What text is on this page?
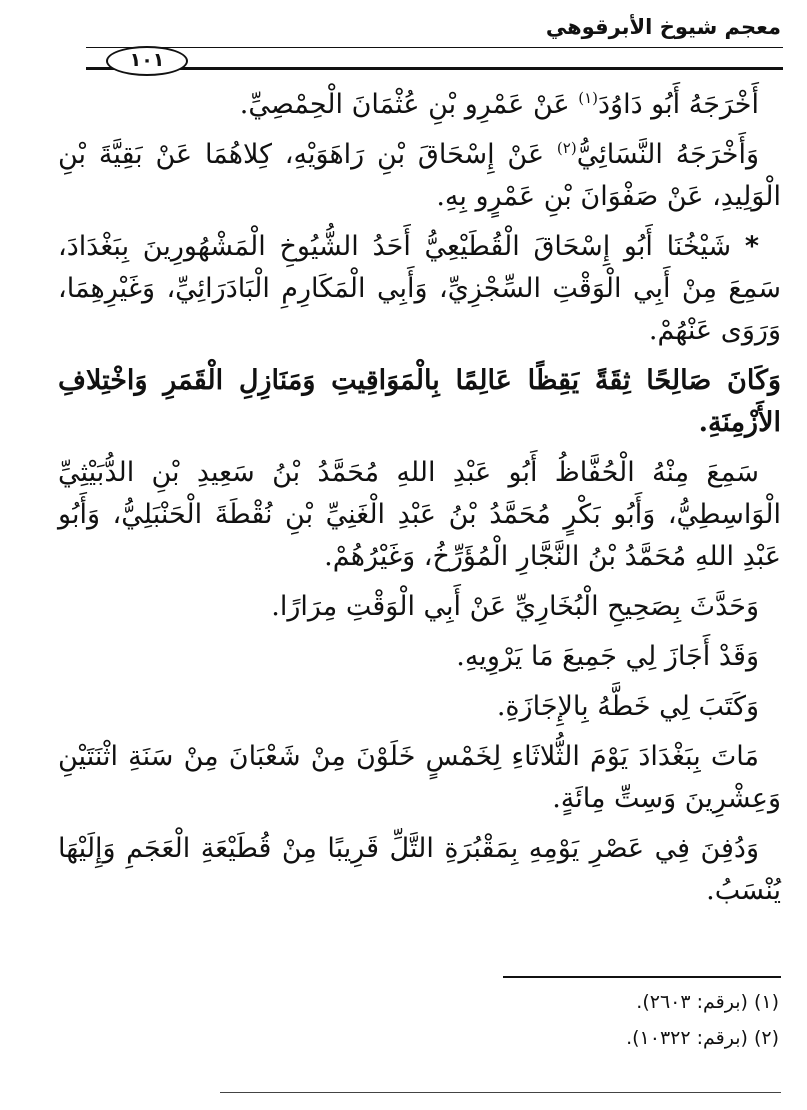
معجم شيوخ الأبرقوهي
١٠١

أَخْرَجَهُ أَبُو دَاوُدَ$^{(١)}$ عَنْ عَمْرِو بْنِ عُثْمَانَ الْحِمْصِيِّ.

وَأَخْرَجَهُ النَّسَائِيُّ$^{(٢)}$ عَنْ إِسْحَاقَ بْنِ رَاهَوَيْهِ، كِلاهُمَا عَنْ بَقِيَّةَ بْنِ الْوَلِيدِ، عَنْ صَفْوَانَ بْنِ عَمْرٍو بِهِ.

* شَيْخُنَا أَبُو إِسْحَاقَ الْقُطَيْعِيُّ أَحَدُ الشُّيُوخِ الْمَشْهُورِينَ بِبَغْدَادَ، سَمِعَ مِنْ أَبِي الْوَقْتِ السِّجْزِيِّ، وَأَبِي الْمَكَارِمِ الْبَادَرَائِيِّ، وَغَيْرِهِمَا، وَرَوَى عَنْهُمْ.

وَكَانَ صَالِحًا ثِقَةً يَقِظًا عَالِمًا بِالْمَوَاقِيتِ وَمَنَازِلِ الْقَمَرِ وَاخْتِلافِ الأَزْمِنَةِ.

سَمِعَ مِنْهُ الْحُفَّاظُ أَبُو عَبْدِ اللهِ مُحَمَّدُ بْنُ سَعِيدِ بْنِ الدُّبَيْثِيِّ الْوَاسِطِيُّ، وَأَبُو بَكْرٍ مُحَمَّدُ بْنُ عَبْدِ الْغَنِيِّ بْنِ نُقْطَةَ الْحَنْبَلِيُّ، وَأَبُو عَبْدِ اللهِ مُحَمَّدُ بْنُ النَّجَّارِ الْمُؤَرِّخُ، وَغَيْرُهُمْ.

وَحَدَّثَ بِصَحِيحِ الْبُخَارِيِّ عَنْ أَبِي الْوَقْتِ مِرَارًا.

وَقَدْ أَجَازَ لِي جَمِيعَ مَا يَرْوِيهِ.

وَكَتَبَ لِي خَطَّهُ بِالإِجَازَةِ.

مَاتَ بِبَغْدَادَ يَوْمَ الثُّلاثَاءِ لِخَمْسٍ خَلَوْنَ مِنْ شَعْبَانَ مِنْ سَنَةِ اثْنَتَيْنِ وَعِشْرِينَ وَسِتِّ مِائَةٍ.

وَدُفِنَ فِي عَصْرِ يَوْمِهِ بِمَقْبُرَةِ التَّلِّ قَرِيبًا مِنْ قُطَيْعَةِ الْعَجَمِ وَإِلَيْهَا يُنْسَبُ.

(١)(برقم: ٢٦٠٣).
(٢)(برقم: ١٠٣٢٢).
